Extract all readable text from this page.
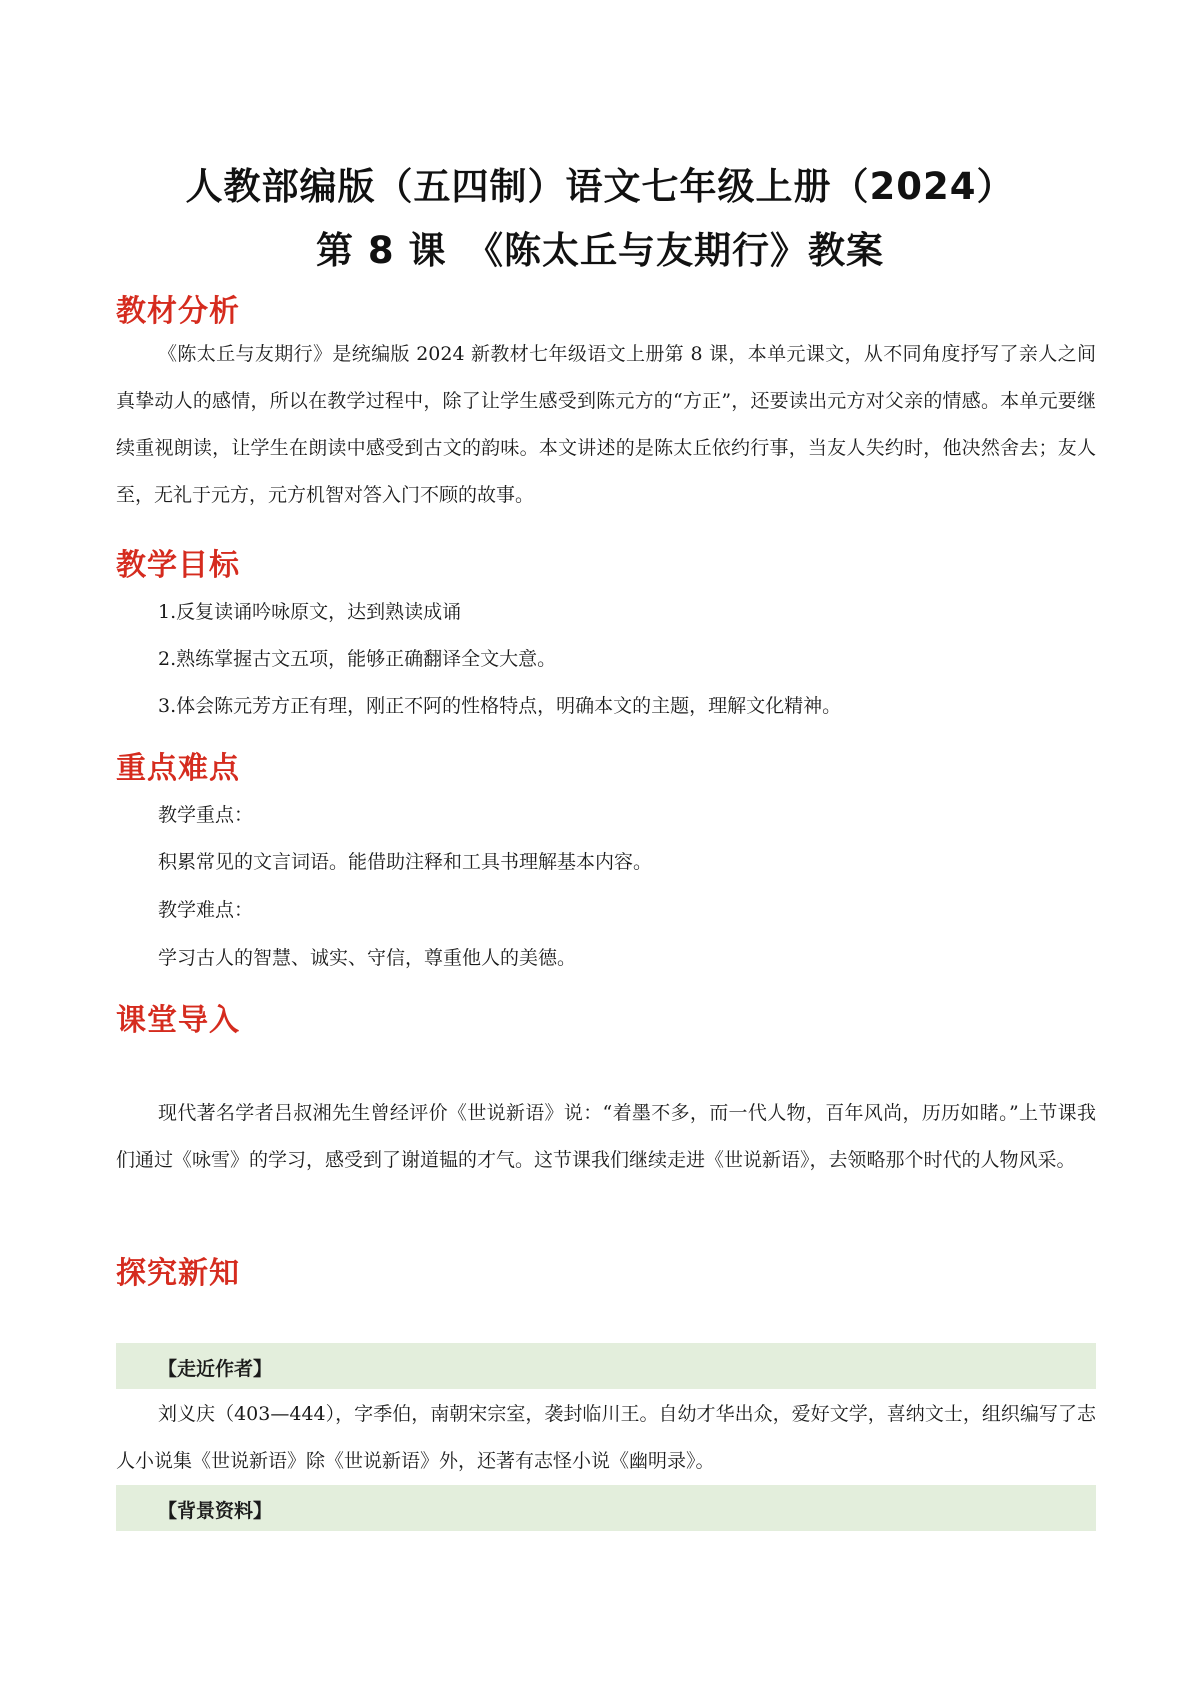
人教部编版（五四制）语文七年级上册（2024）
第 8 课　《陈太丘与友期行》教案
教材分析
《陈太丘与友期行》是统编版 2024 新教材七年级语文上册第 8 课，本单元课文，从不同角度抒写了亲人之间真挚动人的感情，所以在教学过程中，除了让学生感受到陈元方的“方正”，还要读出元方对父亲的情感。本单元要继续重视朗读，让学生在朗读中感受到古文的韵味。本文讲述的是陈太丘依约行事，当友人失约时，他决然舍去；友人至，无礼于元方，元方机智对答入门不顾的故事。
教学目标
1.反复读诵吟咏原文，达到熟读成诵
2.熟练掌握古文五项，能够正确翻译全文大意。
3.体会陈元芳方正有理，刚正不阿的性格特点，明确本文的主题，理解文化精神。
重点难点
教学重点：
积累常见的文言词语。能借助注释和工具书理解基本内容。
教学难点：
学习古人的智慧、诚实、守信，尊重他人的美德。
课堂导入
现代著名学者吕叔湘先生曾经评价《世说新语》说：“着墨不多，而一代人物，百年风尚，历历如睹。”上节课我们通过《咏雪》的学习，感受到了谢道韫的才气。这节课我们继续走进《世说新语》，去领略那个时代的人物风采。
探究新知
【走近作者】
刘义庆（403—444），字季伯，南朝宋宗室，袭封临川王。自幼才华出众，爱好文学，喜纳文士，组织编写了志人小说集《世说新语》除《世说新语》外，还著有志怪小说《幽明录》。
【背景资料】
